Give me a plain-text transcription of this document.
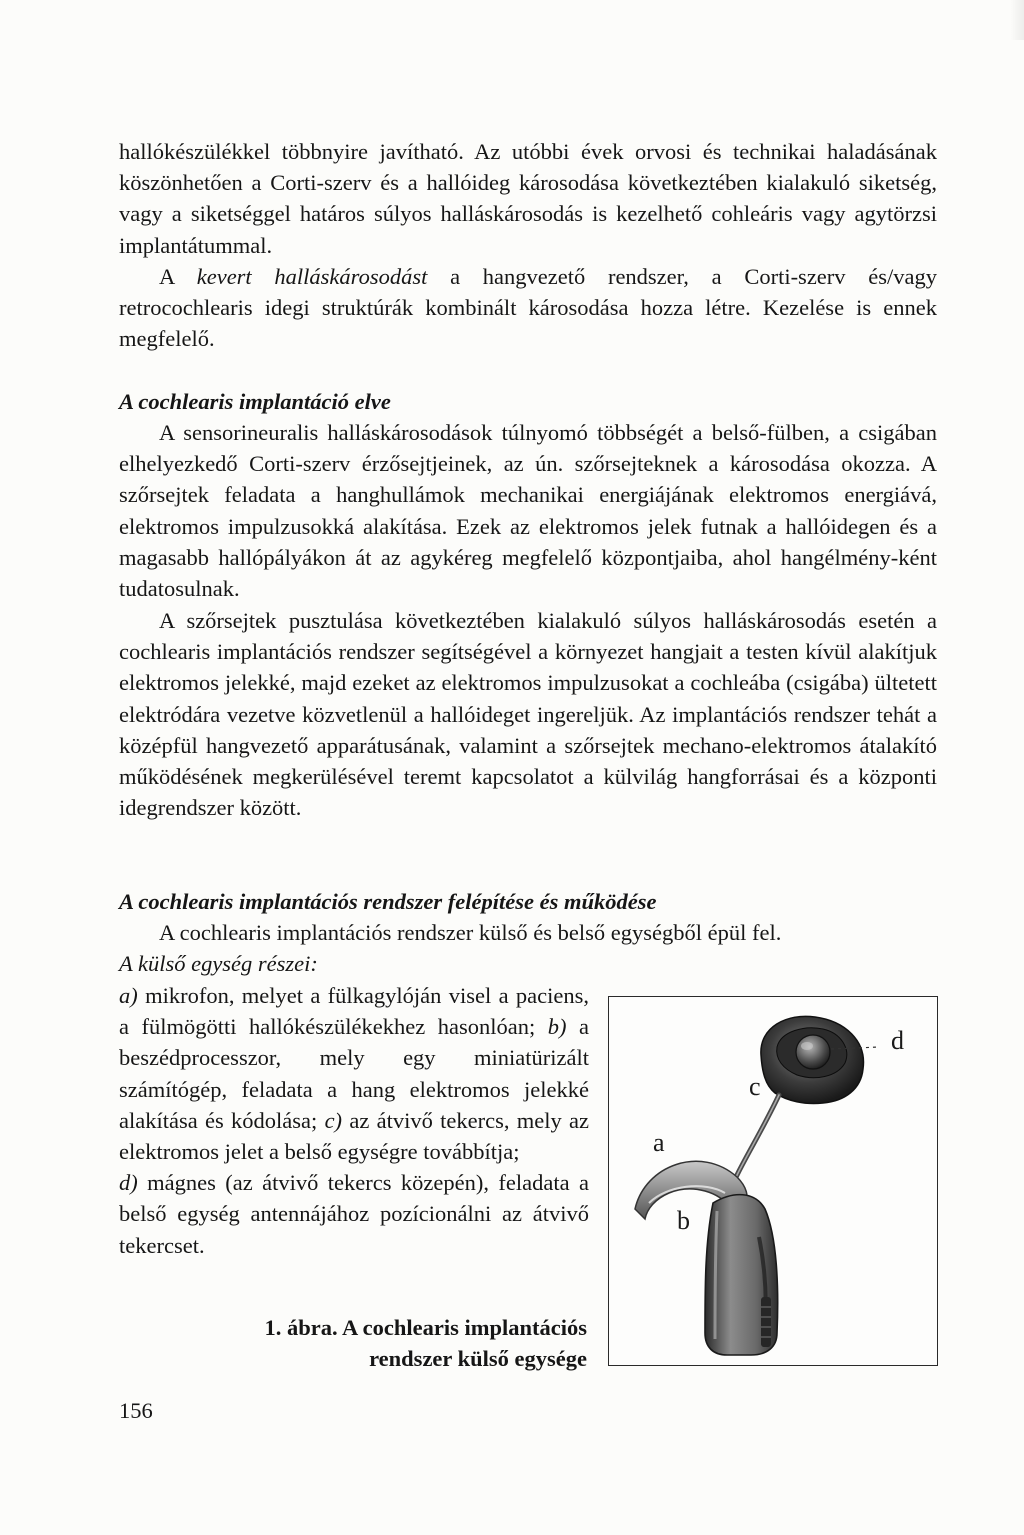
hallókészülékkel többnyire javítható. Az utóbbi évek orvosi és technikai haladásának köszönhetően a Corti-szerv és a hallóideg károsodása következtében kialakuló siketség, vagy a siketséggel határos súlyos halláskárosodás is kezelhető cohleáris vagy agytörzsi implantátummal.

A kevert halláskárosodást a hangvezető rendszer, a Corti-szerv és/vagy retrocochlearis idegi struktúrák kombinált károsodása hozza létre. Kezelése is ennek megfelelő.

A cochlearis implantáció elve

A sensorineuralis halláskárosodások túlnyomó többségét a belső-fülben, a csigában elhelyezkedő Corti-szerv érzősejtjeinek, az ún. szőrsejteknek a károsodása okozza. A szőrsejtek feladata a hanghullámok mechanikai energiájának elektromos energiává, elektromos impulzusokká alakítása. Ezek az elektromos jelek futnak a hallóidegen és a magasabb hallópályákon át az agykéreg megfelelő központjaiba, ahol hangélmény-ként tudatosulnak.

A szőrsejtek pusztulása következtében kialakuló súlyos halláskárosodás esetén a cochlearis implantációs rendszer segítségével a környezet hangjait a testen kívül alakítjuk elektromos jelekké, majd ezeket az elektromos impulzusokat a cochleába (csigába) ültetett elektródára vezetve közvetlenül a hallóideget ingereljük. Az implantációs rendszer tehát a középfül hangvezető apparátusának, valamint a szőrsejtek mechano-elektromos átalakító működésének megkerülésével teremt kapcsolatot a külvilág hangforrásai és a központi idegrendszer között.

A cochlearis implantációs rendszer felépítése és működése

A cochlearis implantációs rendszer külső és belső egységből épül fel.

A külső egység részei:

a) mikrofon, melyet a fülkagylóján visel a paciens, a fülmögötti hallókészülékekhez hasonlóan; b) a beszédprocesszor, mely egy miniatürizált számítógép, feladata a hang elektromos jelekké alakítása és kódolása; c) az átvivő tekercs, mely az elektromos jelet a belső egységre továbbítja;
d) mágnes (az átvivő tekercs közepén), feladata a belső egység antennájához pozícionálni az átvivő tekercset.

1. ábra. A cochlearis implantációs
rendszer külső egysége

a
b
c
d
156
